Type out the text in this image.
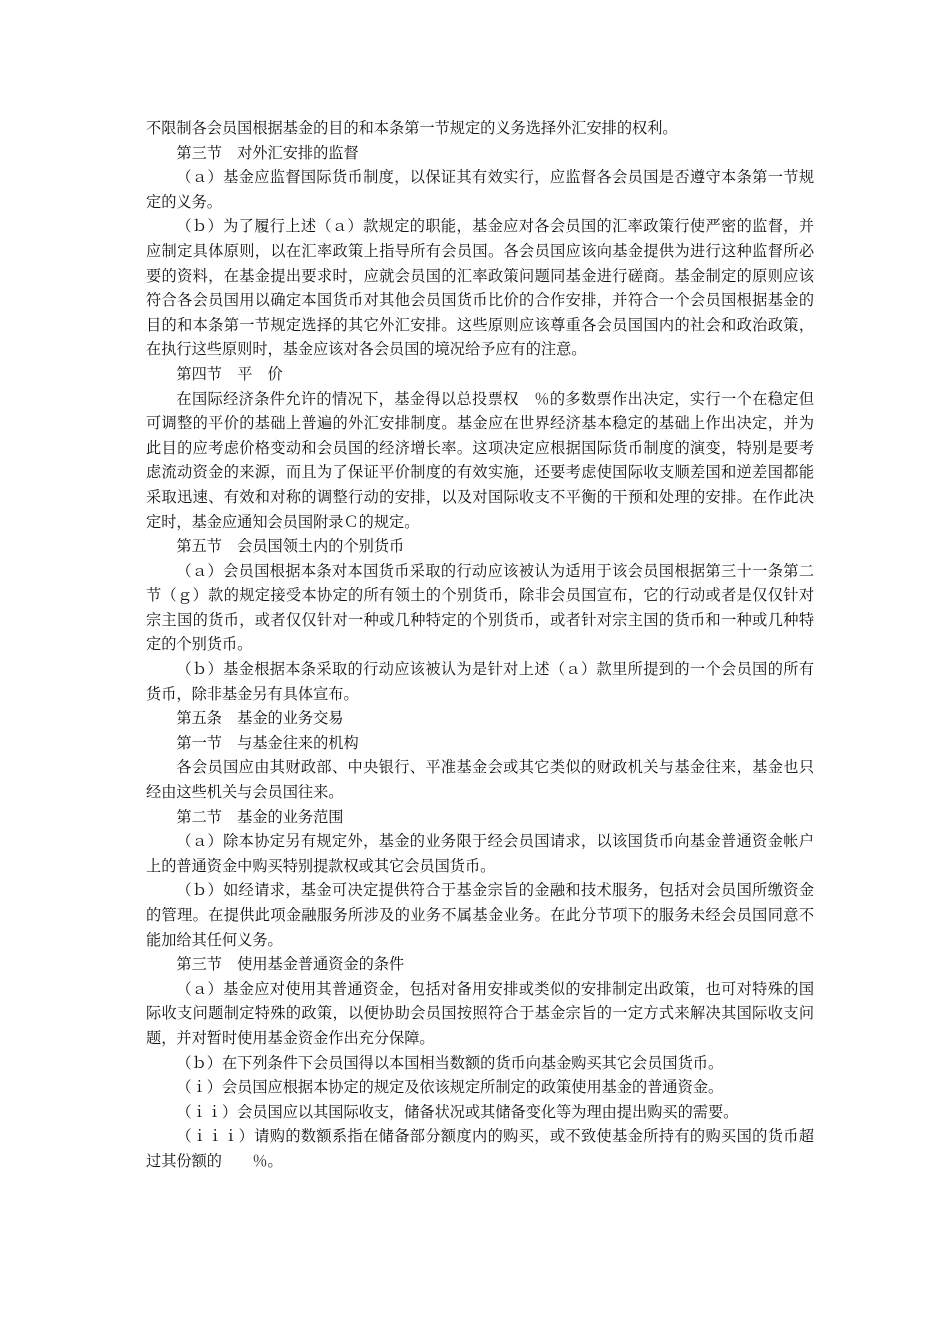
不限制各会员国根据基金的目的和本条第一节规定的义务选择外汇安排的权利。

第三节　对外汇安排的监督

（ａ）基金应监督国际货币制度，以保证其有效实行，应监督各会员国是否遵守本条第一节规定的义务。

（ｂ）为了履行上述（ａ）款规定的职能，基金应对各会员国的汇率政策行使严密的监督，并应制定具体原则，以在汇率政策上指导所有会员国。各会员国应该向基金提供为进行这种监督所必要的资料，在基金提出要求时，应就会员国的汇率政策问题同基金进行磋商。基金制定的原则应该符合各会员国用以确定本国货币对其他会员国货币比价的合作安排，并符合一个会员国根据基金的目的和本条第一节规定选择的其它外汇安排。这些原则应该尊重各会员国国内的社会和政治政策，在执行这些原则时，基金应该对各会员国的境况给予应有的注意。

第四节　平　价

在国际经济条件允许的情况下，基金得以总投票权　％的多数票作出决定，实行一个在稳定但可调整的平价的基础上普遍的外汇安排制度。基金应在世界经济基本稳定的基础上作出决定，并为此目的应考虑价格变动和会员国的经济增长率。这项决定应根据国际货币制度的演变，特别是要考虑流动资金的来源，而且为了保证平价制度的有效实施，还要考虑使国际收支顺差国和逆差国都能采取迅速、有效和对称的调整行动的安排，以及对国际收支不平衡的干预和处理的安排。在作此决定时，基金应通知会员国附录Ｃ的规定。

第五节　会员国领土内的个别货币

（ａ）会员国根据本条对本国货币采取的行动应该被认为适用于该会员国根据第三十一条第二节（ｇ）款的规定接受本协定的所有领土的个别货币，除非会员国宣布，它的行动或者是仅仅针对宗主国的货币，或者仅仅针对一种或几种特定的个别货币，或者针对宗主国的货币和一种或几种特定的个别货币。

（ｂ）基金根据本条采取的行动应该被认为是针对上述（ａ）款里所提到的一个会员国的所有货币，除非基金另有具体宣布。

第五条　基金的业务交易

第一节　与基金往来的机构

各会员国应由其财政部、中央银行、平准基金会或其它类似的财政机关与基金往来，基金也只经由这些机关与会员国往来。

第二节　基金的业务范围

（ａ）除本协定另有规定外，基金的业务限于经会员国请求，以该国货币向基金普通资金帐户上的普通资金中购买特别提款权或其它会员国货币。

（ｂ）如经请求，基金可决定提供符合于基金宗旨的金融和技术服务，包括对会员国所缴资金的管理。在提供此项金融服务所涉及的业务不属基金业务。在此分节项下的服务未经会员国同意不能加给其任何义务。

第三节　使用基金普通资金的条件

（ａ）基金应对使用其普通资金，包括对备用安排或类似的安排制定出政策，也可对特殊的国际收支问题制定特殊的政策，以便协助会员国按照符合于基金宗旨的一定方式来解决其国际收支问题，并对暂时使用基金资金作出充分保障。

（ｂ）在下列条件下会员国得以本国相当数额的货币向基金购买其它会员国货币。

（ｉ）会员国应根据本协定的规定及依该规定所制定的政策使用基金的普通资金。

（ｉｉ）会员国应以其国际收支，储备状况或其储备变化等为理由提出购买的需要。

（ｉｉｉ）请购的数额系指在储备部分额度内的购买，或不致使基金所持有的购买国的货币超过其份额的　　％。
